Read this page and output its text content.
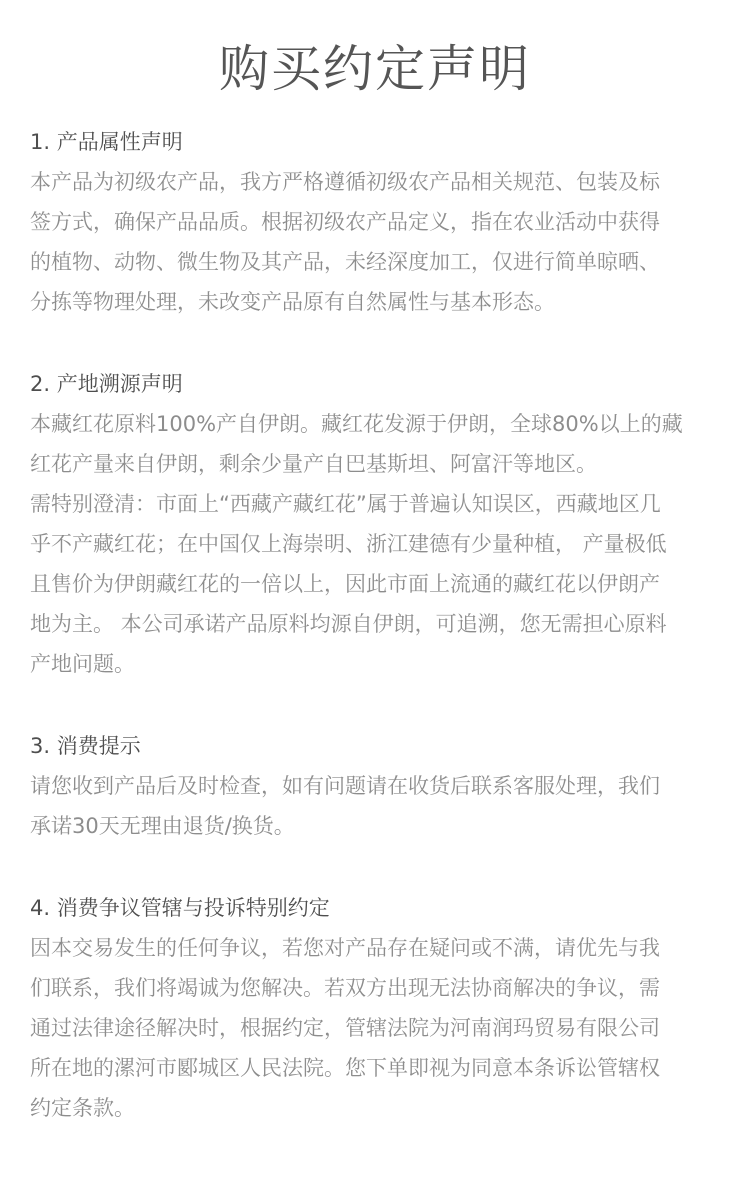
购买约定声明
1. 产品属性声明

本产品为初级农产品，我方严格遵循初级农产品相关规范、包装及标
签方式，确保产品品质。根据初级农产品定义，指在农业活动中获得
的植物、动物、微生物及其产品，未经深度加工，仅进行简单晾晒、
分拣等物理处理，未改变产品原有自然属性与基本形态。

2. 产地溯源声明

本藏红花原料100%产自伊朗。藏红花发源于伊朗，全球80%以上的藏
红花产量来自伊朗，剩余少量产自巴基斯坦、阿富汗等地区。

需特别澄清：市面上“西藏产藏红花”属于普遍认知误区，西藏地区几
乎不产藏红花；在中国仅上海崇明、浙江建德有少量种植， 产量极低
且售价为伊朗藏红花的一倍以上，因此市面上流通的藏红花以伊朗产
地为主。 本公司承诺产品原料均源自伊朗，可追溯，您无需担心原料
产地问题。

3. 消费提示

请您收到产品后及时检查，如有问题请在收货后联系客服处理，我们
承诺30天无理由退货/换货。

4. 消费争议管辖与投诉特别约定

因本交易发生的任何争议，若您对产品存在疑问或不满，请优先与我
们联系，我们将竭诚为您解决。若双方出现无法协商解决的争议，需
通过法律途径解决时，根据约定，管辖法院为河南润玛贸易有限公司
所在地的漯河市郾城区人民法院。您下单即视为同意本条诉讼管辖权
约定条款。
